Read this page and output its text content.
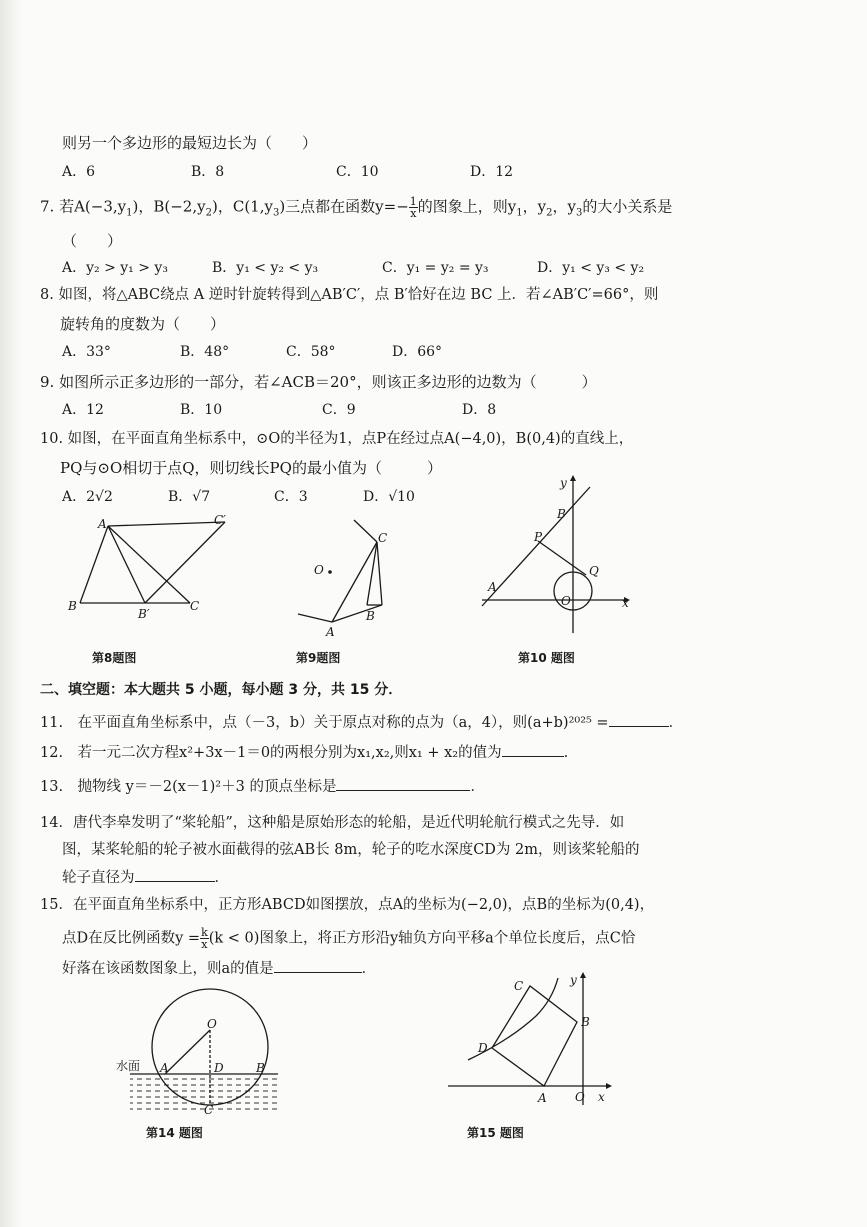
则另一个多边形的最短边长为（　　）
A．6	B．8	C．10	D．12
7. 若$A(-3,y_1)$，$B(-2,y_2)$，$C(1,y_3)$三点都在函数$y=- \frac{1}{x}$ 的图象上，则$y_1$，$y_2$，$y_3$的大小关系是
（　　）
A．y₂ > y₁ > y₃	B．y₁ < y₂ < y₃	C．y₁ = y₂ = y₃	D．y₁ < y₃ < y₂
8. 如图，将△ABC绕点 A 逆时针旋转得到△AB′C′，点 B′恰好在边 BC 上．若∠AB′C′=66°，则
旋转角的度数为（　　）
A．33°	B．48°	C．58°	D．66°
9. 如图所示正多边形的一部分，若∠ACB＝20°，则该正多边形的边数为（　　　）
A．12	B．10	C．9	D．8
10. 如图，在平面直角坐标系中，⊙O的半径为1，点P在经过点A(−4,0)，B(0,4)的直线上，
PQ与⊙O相切于点Q，则切线长PQ的最小值为（　　　）
A．2√2	B．√7	C．3	D．√10
A	C′
B
B′
C
第8题图
O
C
B
A
第9题图
y
B
P
Q
A
O	x
第10 题图
二、填空题：本大题共 5 小题，每小题 3 分，共 15 分．
11.　在平面直角坐标系中，点（－3，b）关于原点对称的点为（a，4），则(a+b)²⁰²⁵ =	．
12.　若一元二次方程x²+3x－1＝0的两根分别为x₁,x₂,则x₁ + x₂的值为	.
13.　抛物线 y＝－2(x－1)²＋3 的顶点坐标是	．
14．唐代李皋发明了“桨轮船”，这种船是原始形态的轮船，是近代明轮航行模式之先导．如
图，某桨轮船的轮子被水面截得的弦AB长 8m，轮子的吃水深度CD为 2m，则该桨轮船的
轮子直径为	．
15．在平面直角坐标系中，正方形ABCD如图摆放，点A的坐标为(−2,0)，点B的坐标为(0,4)，
点D在反比例函数$y = \frac{k}{x} (k < 0)$图象上，将正方形沿y轴负方向平移a个单位长度后，点C恰
好落在该函数图象上，则a的值是	．
O
A	D	B
C
水面
第14 题图
C	y
B
D
A O x
第15 题图
